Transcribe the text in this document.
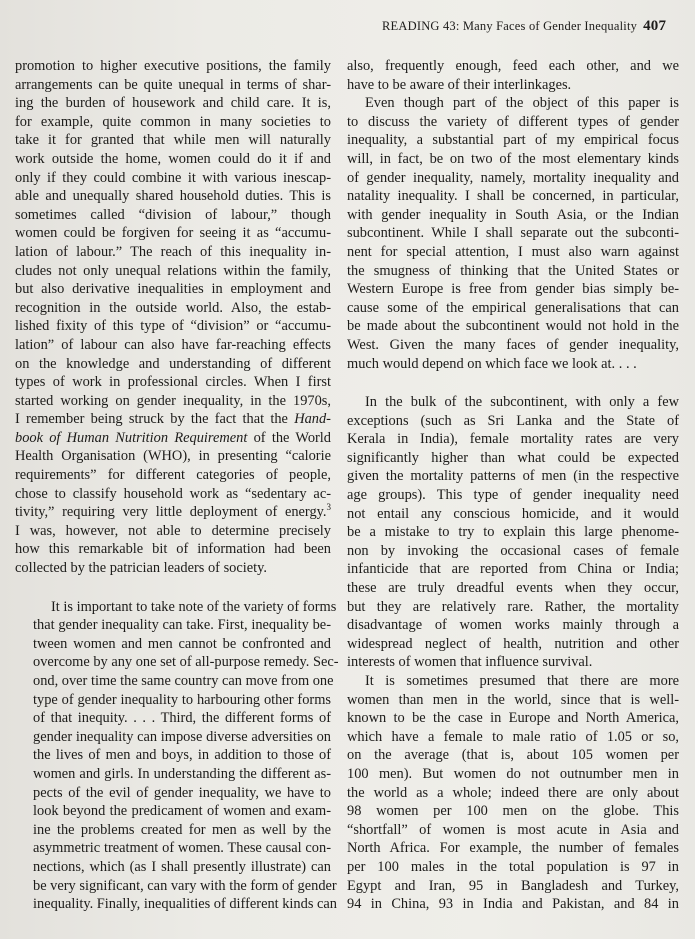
READING 43: Many Faces of Gender Inequality 407

promotion to higher executive positions, the family
arrangements can be quite unequal in terms of shar-
ing the burden of housework and child care. It is,
for example, quite common in many societies to
take it for granted that while men will naturally
work outside the home, women could do it if and
only if they could combine it with various inescap-
able and unequally shared household duties. This is
sometimes called “division of labour,” though
women could be forgiven for seeing it as “accumu-
lation of labour.” The reach of this inequality in-
cludes not only unequal relations within the family,
but also derivative inequalities in employment and
recognition in the outside world. Also, the estab-
lished fixity of this type of “division” or “accumu-
lation” of labour can also have far-reaching effects
on the knowledge and understanding of different
types of work in professional circles. When I first
started working on gender inequality, in the 1970s,
I remember being struck by the fact that the Hand-
book of Human Nutrition Requirement of the World
Health Organisation (WHO), in presenting “calorie
requirements” for different categories of people,
chose to classify household work as “sedentary ac-
tivity,” requiring very little deployment of energy.$^3$
I was, however, not able to determine precisely
how this remarkable bit of information had been
collected by the patrician leaders of society.

It is important to take note of the variety of forms
that gender inequality can take. First, inequality be-
tween women and men cannot be confronted and
overcome by any one set of all-purpose remedy. Sec-
ond, over time the same country can move from one
type of gender inequality to harbouring other forms
of that inequity. . . . Third, the different forms of
gender inequality can impose diverse adversities on
the lives of men and boys, in addition to those of
women and girls. In understanding the different as-
pects of the evil of gender inequality, we have to
look beyond the predicament of women and exam-
ine the problems created for men as well by the
asymmetric treatment of women. These causal con-
nections, which (as I shall presently illustrate) can
be very significant, can vary with the form of gender
inequality. Finally, inequalities of different kinds can

also, frequently enough, feed each other, and we
have to be aware of their interlinkages.

Even though part of the object of this paper is
to discuss the variety of different types of gender
inequality, a substantial part of my empirical focus
will, in fact, be on two of the most elementary kinds
of gender inequality, namely, mortality inequality and
natality inequality. I shall be concerned, in particular,
with gender inequality in South Asia, or the Indian
subcontinent. While I shall separate out the subconti-
nent for special attention, I must also warn against
the smugness of thinking that the United States or
Western Europe is free from gender bias simply be-
cause some of the empirical generalisations that can
be made about the subcontinent would not hold in the
West. Given the many faces of gender inequality,
much would depend on which face we look at. . . .

In the bulk of the subcontinent, with only a few
exceptions (such as Sri Lanka and the State of
Kerala in India), female mortality rates are very
significantly higher than what could be expected
given the mortality patterns of men (in the respective
age groups). This type of gender inequality need
not entail any conscious homicide, and it would
be a mistake to try to explain this large phenome-
non by invoking the occasional cases of female
infanticide that are reported from China or India;
these are truly dreadful events when they occur,
but they are relatively rare. Rather, the mortality
disadvantage of women works mainly through a
widespread neglect of health, nutrition and other
interests of women that influence survival.

It is sometimes presumed that there are more
women than men in the world, since that is well-
known to be the case in Europe and North America,
which have a female to male ratio of 1.05 or so,
on the average (that is, about 105 women per
100 men). But women do not outnumber men in
the world as a whole; indeed there are only about
98 women per 100 men on the globe. This
“shortfall” of women is most acute in Asia and
North Africa. For example, the number of females
per 100 males in the total population is 97 in
Egypt and Iran, 95 in Bangladesh and Turkey,
94 in China, 93 in India and Pakistan, and 84 in
